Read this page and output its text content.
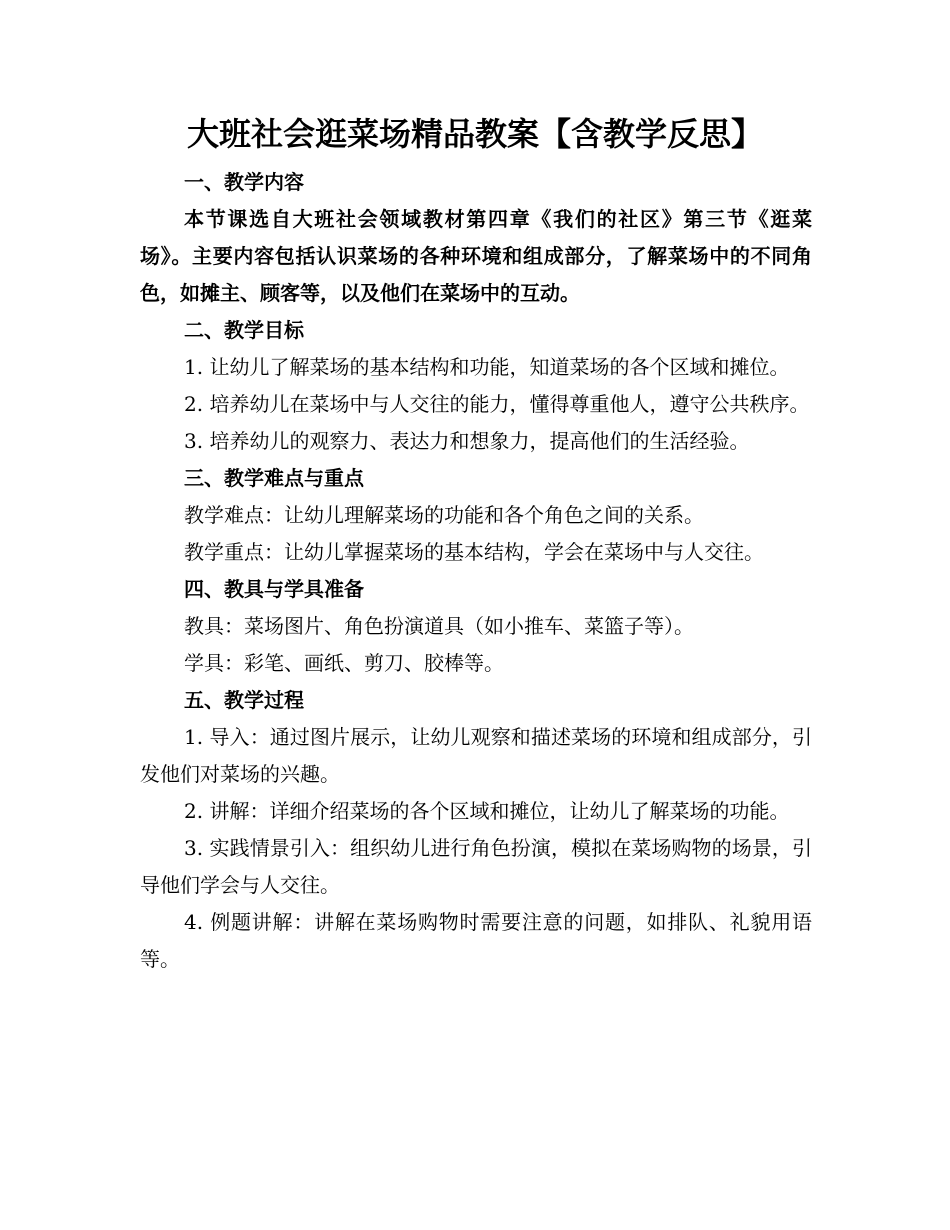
大班社会逛菜场精品教案【含教学反思】

一、教学内容

本节课选自大班社会领域教材第四章《我们的社区》第三节《逛菜场》。主要内容包括认识菜场的各种环境和组成部分，了解菜场中的不同角色，如摊主、顾客等，以及他们在菜场中的互动。

二、教学目标

1. 让幼儿了解菜场的基本结构和功能，知道菜场的各个区域和摊位。

2. 培养幼儿在菜场中与人交往的能力，懂得尊重他人，遵守公共秩序。

3. 培养幼儿的观察力、表达力和想象力，提高他们的生活经验。

三、教学难点与重点

教学难点：让幼儿理解菜场的功能和各个角色之间的关系。

教学重点：让幼儿掌握菜场的基本结构，学会在菜场中与人交往。

四、教具与学具准备

教具：菜场图片、角色扮演道具（如小推车、菜篮子等）。

学具：彩笔、画纸、剪刀、胶棒等。

五、教学过程

1. 导入：通过图片展示，让幼儿观察和描述菜场的环境和组成部分，引发他们对菜场的兴趣。

2. 讲解：详细介绍菜场的各个区域和摊位，让幼儿了解菜场的功能。

3. 实践情景引入：组织幼儿进行角色扮演，模拟在菜场购物的场景，引导他们学会与人交往。

4. 例题讲解：讲解在菜场购物时需要注意的问题，如排队、礼貌用语等。
